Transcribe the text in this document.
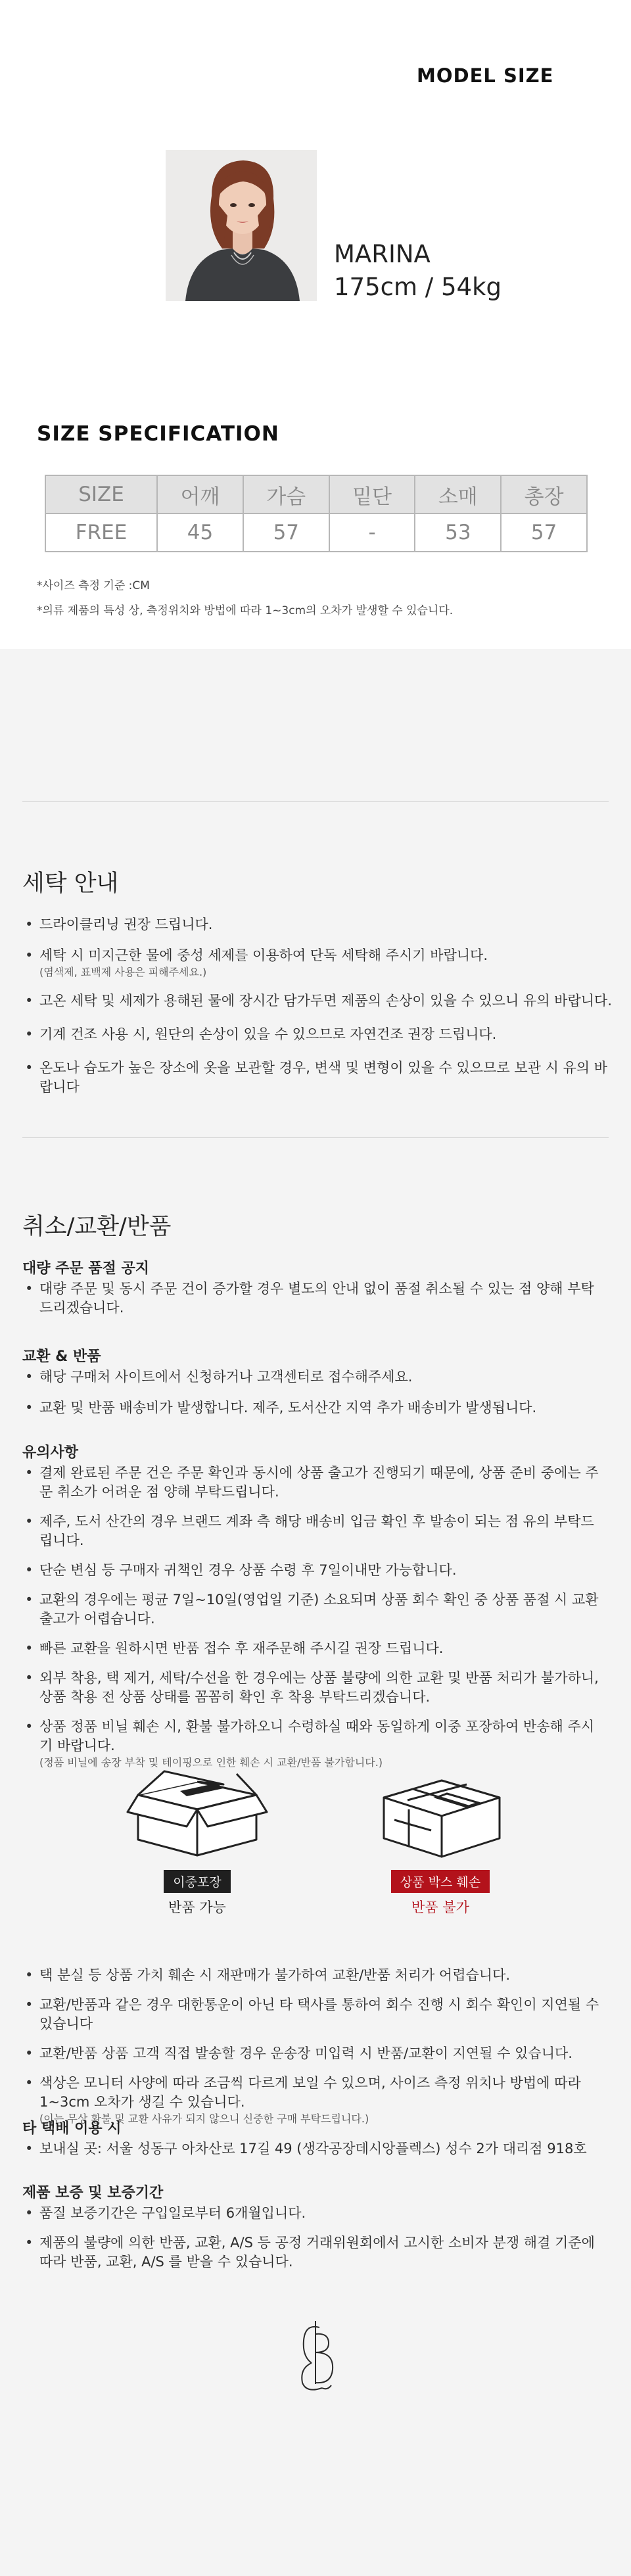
MODEL SIZE
MARINA
175cm / 54kg
SIZE SPECIFICATION
SIZE	어깨	가슴	밑단	소매	총장
FREE	45	57	-	53	57
*사이즈 측정 기준 :CM
*의류 제품의 특성 상, 측정위치와 방법에 따라 1~3cm의 오차가 발생할 수 있습니다.
세탁 안내
• 드라이클리닝 권장 드립니다.
• 세탁 시 미지근한 물에 중성 세제를 이용하여 단독 세탁해 주시기 바랍니다.
(염색제, 표백제 사용은 피해주세요.)
• 고온 세탁 및 세제가 용해된 물에 장시간 담가두면 제품의 손상이 있을 수 있으니 유의 바랍니다.
• 기계 건조 사용 시, 원단의 손상이 있을 수 있으므로 자연건조 권장 드립니다.
• 온도나 습도가 높은 장소에 옷을 보관할 경우, 변색 및 변형이 있을 수 있으므로 보관 시 유의 바랍니다
취소/교환/반품
대량 주문 품절 공지
• 대량 주문 및 동시 주문 건이 증가할 경우 별도의 안내 없이 품절 취소될 수 있는 점 양해 부탁 드리겠습니다.
교환 & 반품
• 해당 구매처 사이트에서 신청하거나 고객센터로 접수해주세요.
• 교환 및 반품 배송비가 발생합니다. 제주, 도서산간 지역 추가 배송비가 발생됩니다.
유의사항
• 결제 완료된 주문 건은 주문 확인과 동시에 상품 출고가 진행되기 때문에, 상품 준비 중에는 주문 취소가 어려운 점 양해 부탁드립니다.
• 제주, 도서 산간의 경우 브랜드 계좌 측 해당 배송비 입금 확인 후 발송이 되는 점 유의 부탁드립니다.
• 단순 변심 등 구매자 귀책인 경우 상품 수령 후 7일이내만 가능합니다.
• 교환의 경우에는 평균 7일~10일(영업일 기준) 소요되며 상품 회수 확인 중 상품 품절 시 교환 출고가 어렵습니다.
• 빠른 교환을 원하시면 반품 접수 후 재주문해 주시길 권장 드립니다.
• 외부 착용, 택 제거, 세탁/수선을 한 경우에는 상품 불량에 의한 교환 및 반품 처리가 불가하니, 상품 착용 전 상품 상태를 꼼꼼히 확인 후 착용 부탁드리겠습니다.
• 상품 정품 비닐 훼손 시, 환불 불가하오니 수령하실 때와 동일하게 이중 포장하여 반송해 주시기 바랍니다.
(정품 비닐에 송장 부착 및 테이핑으로 인한 훼손 시 교환/반품 불가합니다.)
이중포장
반품 가능
상품 박스 훼손
반품 불가
• 택 분실 등 상품 가치 훼손 시 재판매가 불가하여 교환/반품 처리가 어렵습니다.
• 교환/반품과 같은 경우 대한통운이 아닌 타 택사를 통하여 회수 진행 시 회수 확인이 지연될 수 있습니다
• 교환/반품 상품 고객 직접 발송할 경우 운송장 미입력 시 반품/교환이 지연될 수 있습니다.
• 색상은 모니터 사양에 따라 조금씩 다르게 보일 수 있으며, 사이즈 측정 위치나 방법에 따라 1~3cm 오차가 생길 수 있습니다.
(이는 무상 환불 및 교환 사유가 되지 않으니 신중한 구매 부탁드립니다.)
타 택배 이용 시
• 보내실 곳: 서울 성동구 아차산로 17길 49 (생각공장데시앙플렉스) 성수 2가 대리점 918호
제품 보증 및 보증기간
• 품질 보증기간은 구입일로부터 6개월입니다.
• 제품의 불량에 의한 반품, 교환, A/S 등 공정 거래위원회에서 고시한 소비자 분쟁 해결 기준에 따라 반품, 교환, A/S 를 받을 수 있습니다.
